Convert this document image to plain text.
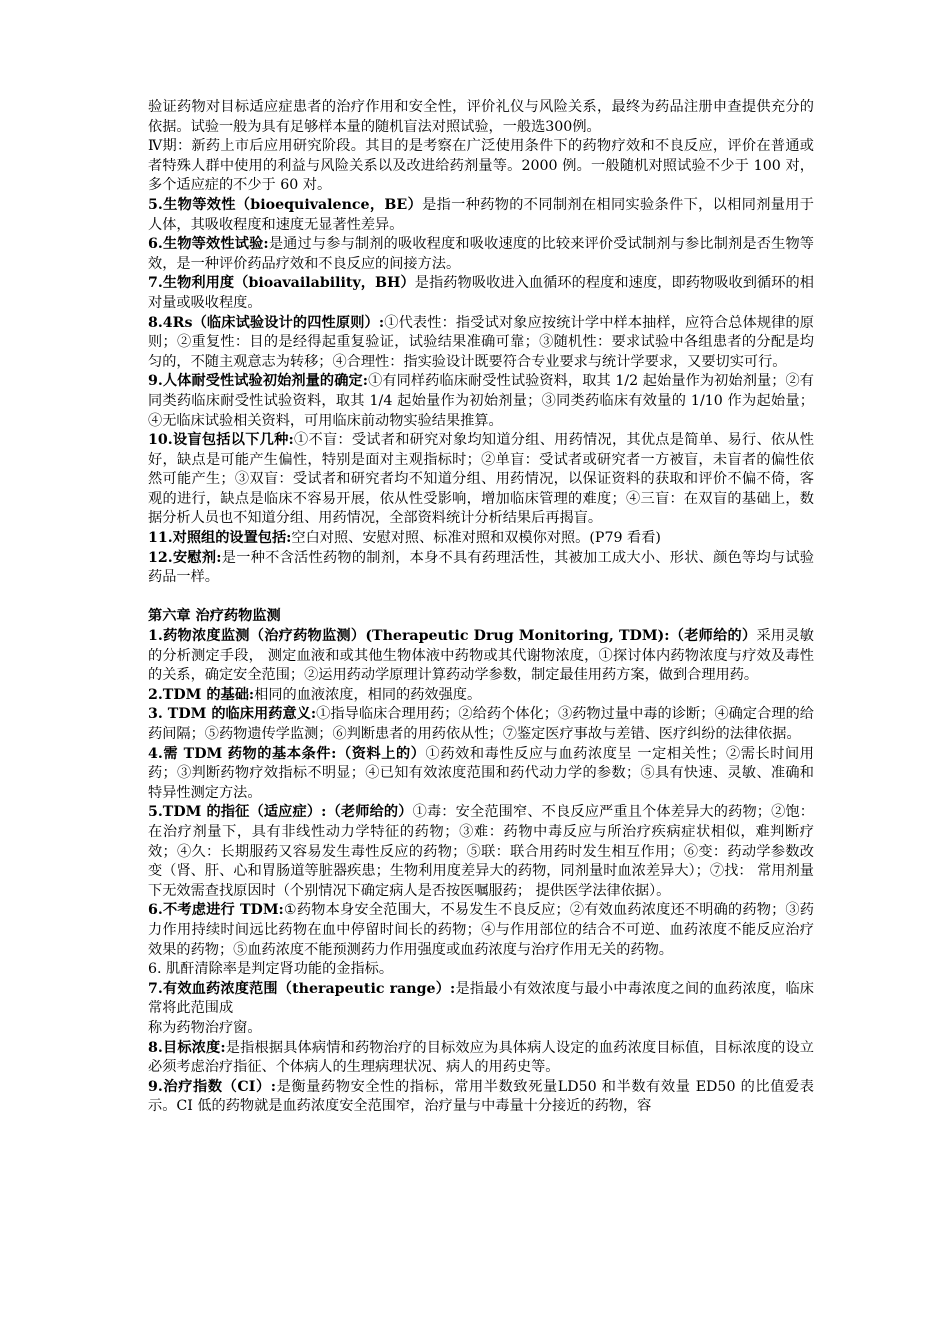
验证药物对目标适应症患者的治疗作用和安全性，评价礼仪与风险关系，最终为药品注册申查提供充分的依据。试验一般为具有足够样本量的随机盲法对照试验，一般选300例。

Ⅳ期：新药上市后应用研究阶段。其目的是考察在广泛使用条件下的药物疗效和不良反应，评价在普通或者特殊人群中使用的利益与风险关系以及改进给药剂量等。2000 例。一般随机对照试验不少于 100 对，多个适应症的不少于 60 对。

5.生物等效性（bioequivalence，BE）是指一种药物的不同制剂在相同实验条件下，以相同剂量用于人体，其吸收程度和速度无显著性差异。

6.生物等效性试验:是通过与参与制剂的吸收程度和吸收速度的比较来评价受试制剂与参比制剂是否生物等效，是一种评价药品疗效和不良反应的间接方法。

7.生物利用度（bioavailability，BH）是指药物吸收进入血循环的程度和速度，即药物吸收到循环的相对量或吸收程度。

8.4Rs（临床试验设计的四性原则）:①代表性：指受试对象应按统计学中样本抽样，应符合总体规律的原则；②重复性：目的是经得起重复验证，试验结果准确可靠；③随机性：要求试验中各组患者的分配是均匀的，不随主观意志为转移；④合理性：指实验设计既要符合专业要求与统计学要求，又要切实可行。

9.人体耐受性试验初始剂量的确定:①有同样药临床耐受性试验资料，取其 1/2 起始量作为初始剂量；②有同类药临床耐受性试验资料，取其 1/4 起始量作为初始剂量；③同类药临床有效量的 1/10 作为起始量；④无临床试验相关资料，可用临床前动物实验结果推算。

10.设盲包括以下几种:①不盲：受试者和研究对象均知道分组、用药情况，其优点是简单、易行、依从性好，缺点是可能产生偏性，特别是面对主观指标时；②单盲：受试者或研究者一方被盲，未盲者的偏性依然可能产生；③双盲：受试者和研究者均不知道分组、用药情况，以保证资料的获取和评价不偏不倚，客观的进行，缺点是临床不容易开展，依从性受影响，增加临床管理的难度；④三盲：在双盲的基础上，数据分析人员也不知道分组、用药情况，全部资料统计分析结果后再揭盲。

11.对照组的设置包括:空白对照、安慰对照、标准对照和双模你对照。(P79 看看)

12.安慰剂:是一种不含活性药物的制剂，本身不具有药理活性，其被加工成大小、形状、颜色等均与试验药品一样。

第六章 治疗药物监测

1.药物浓度监测（治疗药物监测）(Therapeutic Drug Monitoring, TDM):（老师给的）采用灵敏的分析测定手段， 测定血液和或其他生物体液中药物或其代谢物浓度，①探讨体内药物浓度与疗效及毒性的关系，确定安全范围；②运用药动学原理计算药动学参数，制定最佳用药方案，做到合理用药。

2.TDM 的基础:相同的血液浓度，相同的药效强度。

3. TDM 的临床用药意义:①指导临床合理用药；②给药个体化；③药物过量中毒的诊断；④确定合理的给药间隔；⑤药物遗传学监测；⑥判断患者的用药依从性；⑦鉴定医疗事故与差错、医疗纠纷的法律依据。

4.需 TDM 药物的基本条件:（资料上的）①药效和毒性反应与血药浓度呈 一定相关性；②需长时间用药；③判断药物疗效指标不明显；④已知有效浓度范围和药代动力学的参数；⑤具有快速、灵敏、准确和特异性测定方法。

5.TDM 的指征（适应症）:（老师给的）①毒：安全范围窄、不良反应严重且个体差异大的药物；②饱：在治疗剂量下，具有非线性动力学特征的药物；③难：药物中毒反应与所治疗疾病症状相似，难判断疗效；④久：长期服药又容易发生毒性反应的药物；⑤联：联合用药时发生相互作用；⑥变：药动学参数改变（肾、肝、心和胃肠道等脏器疾患；生物利用度差异大的药物，同剂量时血浓差异大）；⑦找： 常用剂量下无效需查找原因时（个别情况下确定病人是否按医嘱服药； 提供医学法律依据）。

6.不考虑进行 TDM:①药物本身安全范围大，不易发生不良反应；②有效血药浓度还不明确的药物；③药力作用持续时间远比药物在血中停留时间长的药物；④与作用部位的结合不可逆、血药浓度不能反应治疗效果的药物；⑤血药浓度不能预测药力作用强度或血药浓度与治疗作用无关的药物。

6. 肌酐清除率是判定肾功能的金指标。

7.有效血药浓度范围（therapeutic range）:是指最小有效浓度与最小中毒浓度之间的血药浓度，临床常将此范围成

称为药物治疗窗。

8.目标浓度:是指根据具体病情和药物治疗的目标效应为具体病人设定的血药浓度目标值，目标浓度的设立必须考虑治疗指征、个体病人的生理病理状况、病人的用药史等。

9.治疗指数（CI）:是衡量药物安全性的指标，常用半数致死量LD50 和半数有效量 ED50 的比值爱表示。CI 低的药物就是血药浓度安全范围窄，治疗量与中毒量十分接近的药物，容
